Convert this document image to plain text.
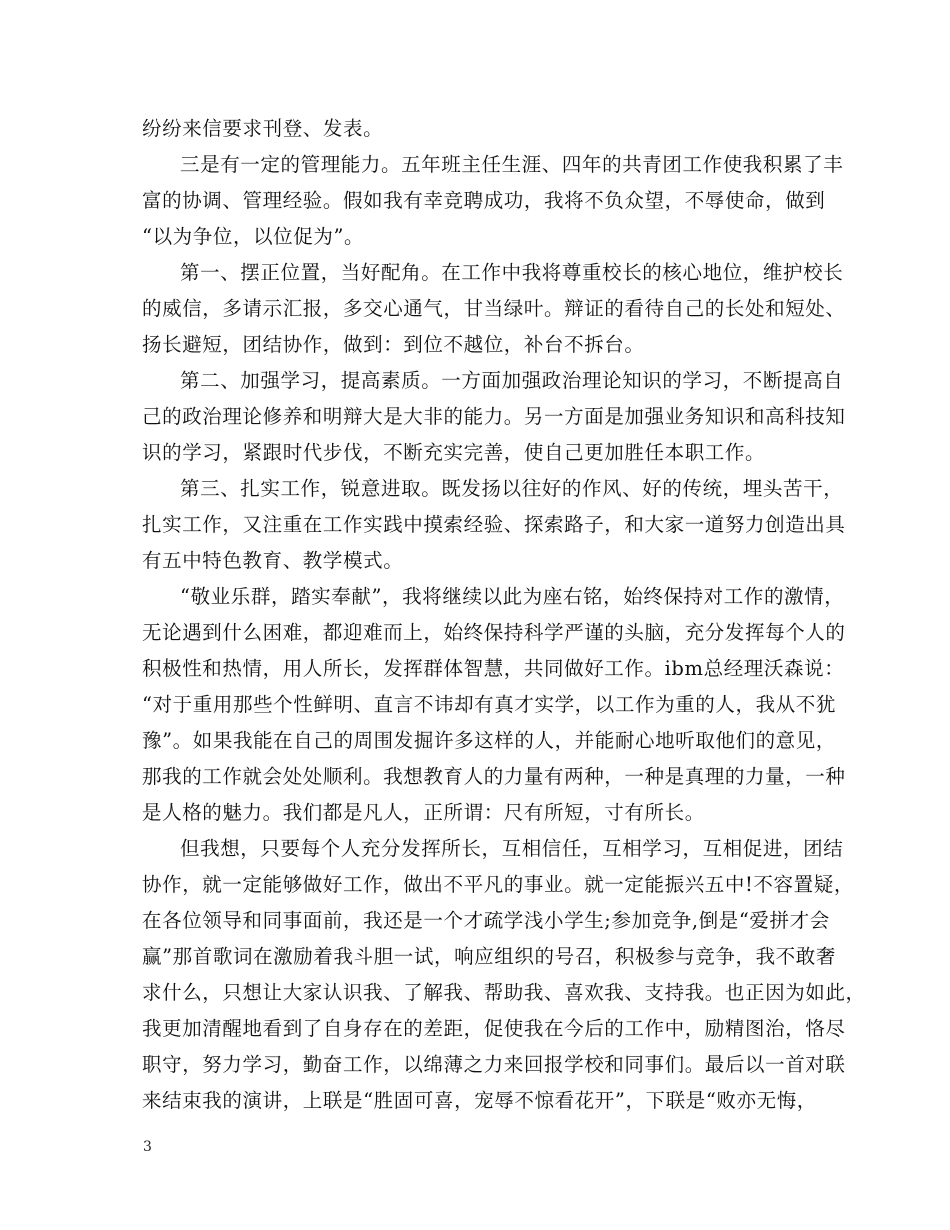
纷纷来信要求刊登、发表。
三是有一定的管理能力。五年班主任生涯、四年的共青团工作使我积累了丰
富的协调、管理经验。假如我有幸竞聘成功，我将不负众望，不辱使命，做到
“以为争位，以位促为”。
第一、摆正位置，当好配角。在工作中我将尊重校长的核心地位，维护校长
的威信，多请示汇报，多交心通气，甘当绿叶。辩证的看待自己的长处和短处、
扬长避短，团结协作，做到：到位不越位，补台不拆台。
第二、加强学习，提高素质。一方面加强政治理论知识的学习，不断提高自
己的政治理论修养和明辩大是大非的能力。另一方面是加强业务知识和高科技知
识的学习，紧跟时代步伐，不断充实完善，使自己更加胜任本职工作。
第三、扎实工作，锐意进取。既发扬以往好的作风、好的传统，埋头苦干，
扎实工作，又注重在工作实践中摸索经验、探索路子，和大家一道努力创造出具
有五中特色教育、教学模式。
“敬业乐群，踏实奉献”，我将继续以此为座右铭，始终保持对工作的激情，
无论遇到什么困难，都迎难而上，始终保持科学严谨的头脑，充分发挥每个人的
积极性和热情，用人所长，发挥群体智慧，共同做好工作。ibm总经理沃森说：
“对于重用那些个性鲜明、直言不讳却有真才实学，以工作为重的人，我从不犹
豫”。如果我能在自己的周围发掘许多这样的人，并能耐心地听取他们的意见，
那我的工作就会处处顺利。我想教育人的力量有两种，一种是真理的力量，一种
是人格的魅力。我们都是凡人，正所谓：尺有所短，寸有所长。
但我想，只要每个人充分发挥所长，互相信任，互相学习，互相促进，团结
协作，就一定能够做好工作，做出不平凡的事业。就一定能振兴五中!不容置疑，
在各位领导和同事面前，我还是一个才疏学浅小学生;参加竞争,倒是“爱拼才会
赢”那首歌词在激励着我斗胆一试，响应组织的号召，积极参与竞争，我不敢奢
求什么，只想让大家认识我、了解我、帮助我、喜欢我、支持我。也正因为如此，
我更加清醒地看到了自身存在的差距，促使我在今后的工作中，励精图治，恪尽
职守，努力学习，勤奋工作，以绵薄之力来回报学校和同事们。最后以一首对联
来结束我的演讲，上联是“胜固可喜，宠辱不惊看花开”，下联是“败亦无悔，
3
